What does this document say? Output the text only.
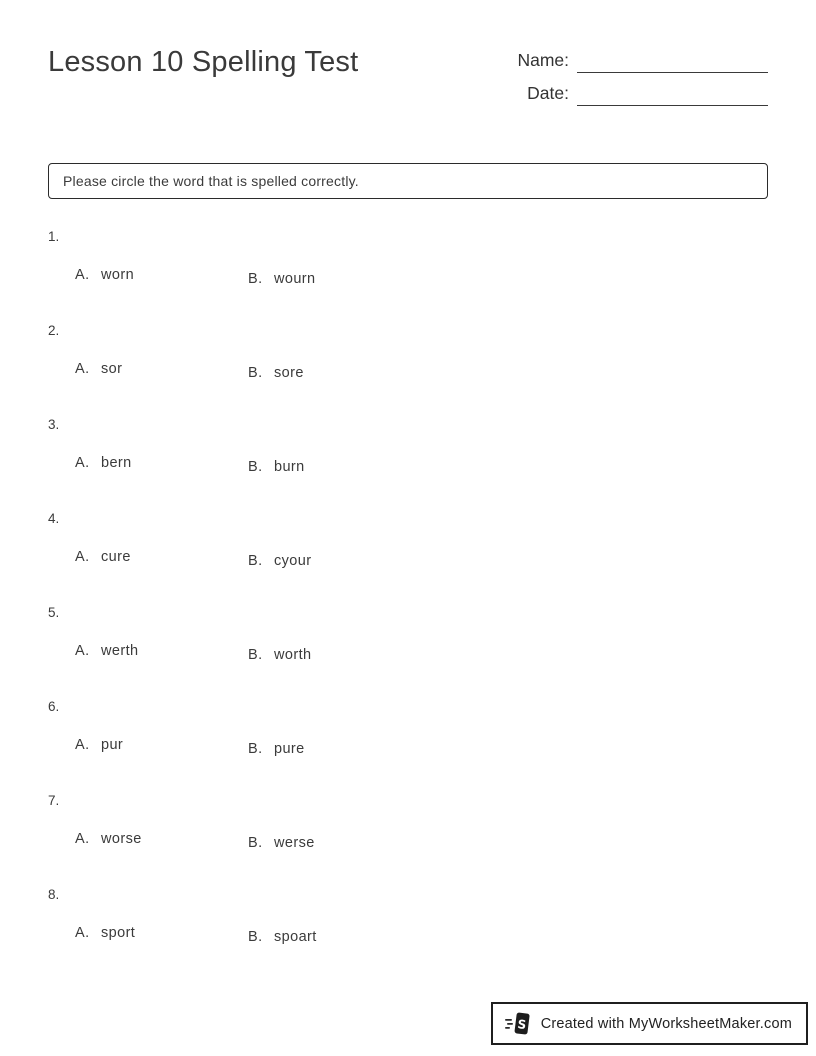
Lesson 10 Spelling Test	Name:
Date:
Please circle the word that is spelled correctly.
1.
A. worn	B. wourn
2.
A. sor	B. sore
3.
A. bern	B. burn
4.
A. cure	B. cyour
5.
A. werth	B. worth
6.
A. pur	B. pure
7.
A. worse	B. werse
8.
A. sport	B. spoart
S Created with MyWorksheetMaker.com
